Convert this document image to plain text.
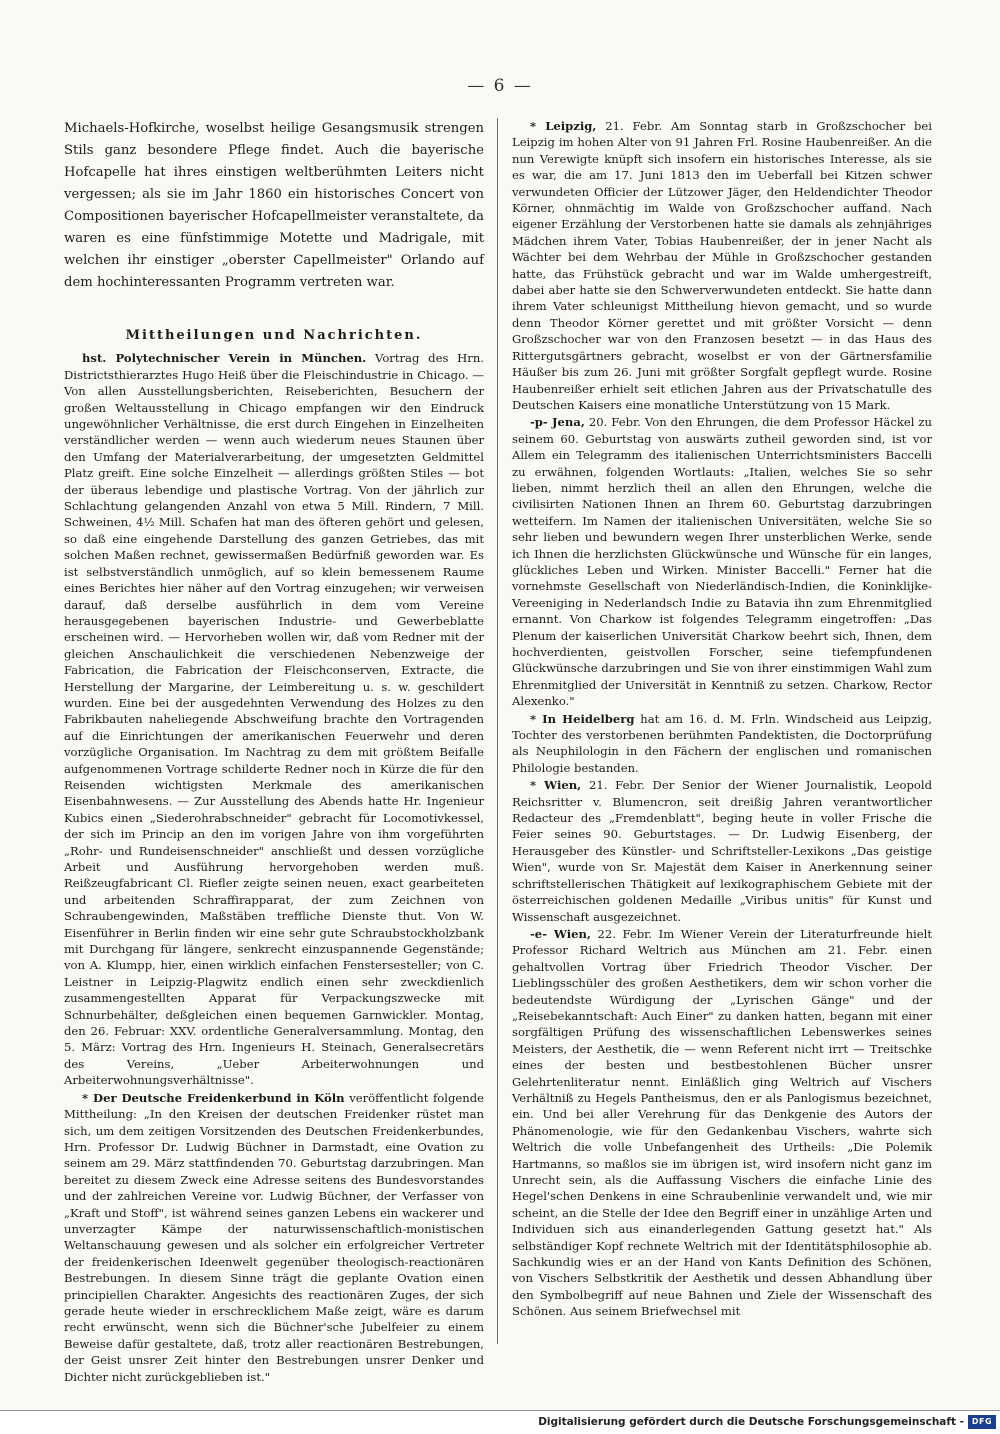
— 6 —

Michaels-Hofkirche, woselbst heilige Gesangsmusik strengen Stils ganz besondere Pflege findet. Auch die bayerische Hofcapelle hat ihres einstigen weltberühmten Leiters nicht vergessen; als sie im Jahr 1860 ein historisches Concert von Compositionen bayerischer Hofcapellmeister veranstaltete, da waren es eine fünfstimmige Motette und Madrigale, mit welchen ihr einstiger „oberster Capellmeister" Orlando auf dem hochinteressanten Programm vertreten war.

Mittheilungen und Nachrichten.

hst. Polytechnischer Verein in München. Vortrag des Hrn. Districtsthierarztes Hugo Heiß über die Fleischindustrie in Chicago. — Von allen Ausstellungsberichten, Reiseberichten, Besuchern der großen Weltausstellung in Chicago empfangen wir den Eindruck ungewöhnlicher Verhältnisse, die erst durch Eingehen in Einzelheiten verständlicher werden — wenn auch wiederum neues Staunen über den Umfang der Materialverarbeitung, der umgesetzten Geldmittel Platz greift. Eine solche Einzelheit — allerdings größten Stiles — bot der überaus lebendige und plastische Vortrag. Von der jährlich zur Schlachtung gelangenden Anzahl von etwa 5 Mill. Rindern, 7 Mill. Schweinen, 4½ Mill. Schafen hat man des öfteren gehört und gelesen, so daß eine eingehende Darstellung des ganzen Getriebes, das mit solchen Maßen rechnet, gewissermaßen Bedürfniß geworden war. Es ist selbstverständlich unmöglich, auf so klein bemessenem Raume eines Berichtes hier näher auf den Vortrag einzugehen; wir verweisen darauf, daß derselbe ausführlich in dem vom Vereine herausgegebenen bayerischen Industrie- und Gewerbeblatte erscheinen wird. — Hervorheben wollen wir, daß vom Redner mit der gleichen Anschaulichkeit die verschiedenen Nebenzweige der Fabrication, die Fabrication der Fleischconserven, Extracte, die Herstellung der Margarine, der Leimbereitung u. s. w. geschildert wurden. Eine bei der ausgedehnten Verwendung des Holzes zu den Fabrikbauten naheliegende Abschweifung brachte den Vortragenden auf die Einrichtungen der amerikanischen Feuerwehr und deren vorzügliche Organisation. Im Nachtrag zu dem mit größtem Beifalle aufgenommenen Vortrage schilderte Redner noch in Kürze die für den Reisenden wichtigsten Merkmale des amerikanischen Eisenbahnwesens. — Zur Ausstellung des Abends hatte Hr. Ingenieur Kubics einen „Siederohrabschneider" gebracht für Locomotivkessel, der sich im Princip an den im vorigen Jahre von ihm vorgeführten „Rohr- und Rundeisenschneider" anschließt und dessen vorzügliche Arbeit und Ausführung hervorgehoben werden muß. Reißzeugfabricant Cl. Riefler zeigte seinen neuen, exact gearbeiteten und arbeitenden Schraffirapparat, der zum Zeichnen von Schraubengewinden, Maßstäben treffliche Dienste thut. Von W. Eisenführer in Berlin finden wir eine sehr gute Schraubstockholzbank mit Durchgang für längere, senkrecht einzuspannende Gegenstände; von A. Klumpp, hier, einen wirklich einfachen Fenstersesteller; von C. Leistner in Leipzig-Plagwitz endlich einen sehr zweckdienlich zusammengestellten Apparat für Verpackungszwecke mit Schnurbehälter, deßgleichen einen bequemen Garnwickler. Montag, den 26. Februar: XXV. ordentliche Generalversammlung. Montag, den 5. März: Vortrag des Hrn. Ingenieurs H. Steinach, Generalsecretärs des Vereins, „Ueber Arbeiterwohnungen und Arbeiterwohnungsverhältnisse".

* Der Deutsche Freidenkerbund in Köln veröffentlicht folgende Mittheilung: „In den Kreisen der deutschen Freidenker rüstet man sich, um dem zeitigen Vorsitzenden des Deutschen Freidenkerbundes, Hrn. Professor Dr. Ludwig Büchner in Darmstadt, eine Ovation zu seinem am 29. März stattfindenden 70. Geburtstag darzubringen. Man bereitet zu diesem Zweck eine Adresse seitens des Bundesvorstandes und der zahlreichen Vereine vor. Ludwig Büchner, der Verfasser von „Kraft und Stoff", ist während seines ganzen Lebens ein wackerer und unverzagter Kämpe der naturwissenschaftlich-monistischen Weltanschauung gewesen und als solcher ein erfolgreicher Vertreter der freidenkerischen Ideenwelt gegenüber theologisch-reactionären Bestrebungen. In diesem Sinne trägt die geplante Ovation einen principiellen Charakter. Angesichts des reactionären Zuges, der sich gerade heute wieder in erschrecklichem Maße zeigt, wäre es darum recht erwünscht, wenn sich die Büchner'sche Jubelfeier zu einem Beweise dafür gestaltete, daß, trotz aller reactionären Bestrebungen, der Geist unsrer Zeit hinter den Bestrebungen unsrer Denker und Dichter nicht zurückgeblieben ist."

* Leipzig, 21. Febr. Am Sonntag starb in Großzschocher bei Leipzig im hohen Alter von 91 Jahren Frl. Rosine Haubenreißer. An die nun Verewigte knüpft sich insofern ein historisches Interesse, als sie es war, die am 17. Juni 1813 den im Ueberfall bei Kitzen schwer verwundeten Officier der Lützower Jäger, den Heldendichter Theodor Körner, ohnmächtig im Walde von Großzschocher auffand. Nach eigener Erzählung der Verstorbenen hatte sie damals als zehnjähriges Mädchen ihrem Vater, Tobias Haubenreißer, der in jener Nacht als Wächter bei dem Wehrbau der Mühle in Großzschocher gestanden hatte, das Frühstück gebracht und war im Walde umhergestreift, dabei aber hatte sie den Schwerverwundeten entdeckt. Sie hatte dann ihrem Vater schleunigst Mittheilung hievon gemacht, und so wurde denn Theodor Körner gerettet und mit größter Vorsicht — denn Großzschocher war von den Franzosen besetzt — in das Haus des Rittergutsgärtners gebracht, woselbst er von der Gärtnersfamilie Häußer bis zum 26. Juni mit größter Sorgfalt gepflegt wurde. Rosine Haubenreißer erhielt seit etlichen Jahren aus der Privatschatulle des Deutschen Kaisers eine monatliche Unterstützung von 15 Mark.

-p- Jena, 20. Febr. Von den Ehrungen, die dem Professor Häckel zu seinem 60. Geburtstag von auswärts zutheil geworden sind, ist vor Allem ein Telegramm des italienischen Unterrichtsministers Baccelli zu erwähnen, folgenden Wortlauts: „Italien, welches Sie so sehr lieben, nimmt herzlich theil an allen den Ehrungen, welche die civilisirten Nationen Ihnen an Ihrem 60. Geburtstag darzubringen wetteifern. Im Namen der italienischen Universitäten, welche Sie so sehr lieben und bewundern wegen Ihrer unsterblichen Werke, sende ich Ihnen die herzlichsten Glückwünsche und Wünsche für ein langes, glückliches Leben und Wirken. Minister Baccelli." Ferner hat die vornehmste Gesellschaft von Niederländisch-Indien, die Koninklijke-Vereeniging in Nederlandsch Indie zu Batavia ihn zum Ehrenmitglied ernannt. Von Charkow ist folgendes Telegramm eingetroffen: „Das Plenum der kaiserlichen Universität Charkow beehrt sich, Ihnen, dem hochverdienten, geistvollen Forscher, seine tiefempfundenen Glückwünsche darzubringen und Sie von ihrer einstimmigen Wahl zum Ehrenmitglied der Universität in Kenntniß zu setzen. Charkow, Rector Alexenko."

* In Heidelberg hat am 16. d. M. Frln. Windscheid aus Leipzig, Tochter des verstorbenen berühmten Pandektisten, die Doctorprüfung als Neuphilologin in den Fächern der englischen und romanischen Philologie bestanden.

* Wien, 21. Febr. Der Senior der Wiener Journalistik, Leopold Reichsritter v. Blumencron, seit dreißig Jahren verantwortlicher Redacteur des „Fremdenblatt", beging heute in voller Frische die Feier seines 90. Geburtstages. — Dr. Ludwig Eisenberg, der Herausgeber des Künstler- und Schriftsteller-Lexikons „Das geistige Wien", wurde von Sr. Majestät dem Kaiser in Anerkennung seiner schriftstellerischen Thätigkeit auf lexikographischem Gebiete mit der österreichischen goldenen Medaille „Viribus unitis" für Kunst und Wissenschaft ausgezeichnet.

-e- Wien, 22. Febr. Im Wiener Verein der Literaturfreunde hielt Professor Richard Weltrich aus München am 21. Febr. einen gehaltvollen Vortrag über Friedrich Theodor Vischer. Der Lieblingsschüler des großen Aesthetikers, dem wir schon vorher die bedeutendste Würdigung der „Lyrischen Gänge" und der „Reisebekanntschaft: Auch Einer" zu danken hatten, begann mit einer sorgfältigen Prüfung des wissenschaftlichen Lebenswerkes seines Meisters, der Aesthetik, die — wenn Referent nicht irrt — Treitschke eines der besten und bestbestohlenen Bücher unsrer Gelehrtenliteratur nennt. Einläßlich ging Weltrich auf Vischers Verhältniß zu Hegels Pantheismus, den er als Panlogismus bezeichnet, ein. Und bei aller Verehrung für das Denkgenie des Autors der Phänomenologie, wie für den Gedankenbau Vischers, wahrte sich Weltrich die volle Unbefangenheit des Urtheils: „Die Polemik Hartmanns, so maßlos sie im übrigen ist, wird insofern nicht ganz im Unrecht sein, als die Auffassung Vischers die einfache Linie des Hegel'schen Denkens in eine Schraubenlinie verwandelt und, wie mir scheint, an die Stelle der Idee den Begriff einer in unzählige Arten und Individuen sich aus einanderlegenden Gattung gesetzt hat." Als selbständiger Kopf rechnete Weltrich mit der Identitätsphilosophie ab. Sachkundig wies er an der Hand von Kants Definition des Schönen, von Vischers Selbstkritik der Aesthetik und dessen Abhandlung über den Symbolbegriff auf neue Bahnen und Ziele der Wissenschaft des Schönen. Aus seinem Briefwechsel mit

Digitalisierung gefördert durch die Deutsche Forschungsgemeinschaft - DFG
